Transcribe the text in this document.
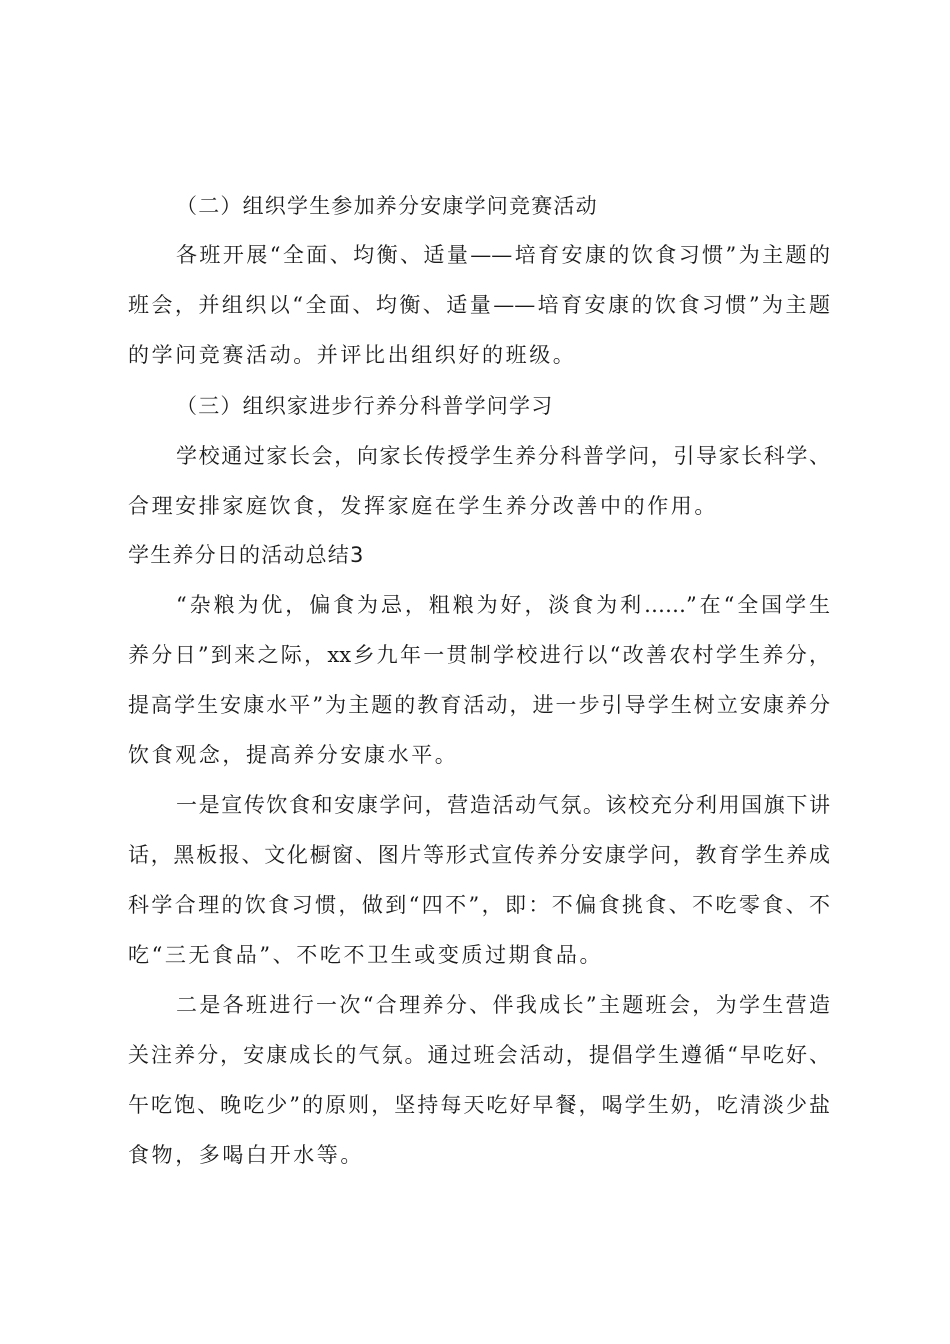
（二）组织学生参加养分安康学问竞赛活动

各班开展“全面、均衡、适量——培育安康的饮食习惯”为主题的

班会，并组织以“全面、均衡、适量——培育安康的饮食习惯”为主题

的学问竞赛活动。并评比出组织好的班级。

（三）组织家进步行养分科普学问学习

学校通过家长会，向家长传授学生养分科普学问，引导家长科学、

合理安排家庭饮食，发挥家庭在学生养分改善中的作用。

学生养分日的活动总结3

“杂粮为优，偏食为忌，粗粮为好，淡食为利……”在“全国学生

养分日”到来之际，xx乡九年一贯制学校进行以“改善农村学生养分，

提高学生安康水平”为主题的教育活动，进一步引导学生树立安康养分

饮食观念，提高养分安康水平。

一是宣传饮食和安康学问，营造活动气氛。该校充分利用国旗下讲

话，黑板报、文化橱窗、图片等形式宣传养分安康学问，教育学生养成

科学合理的饮食习惯，做到“四不”，即：不偏食挑食、不吃零食、不

吃“三无食品”、不吃不卫生或变质过期食品。

二是各班进行一次“合理养分、伴我成长”主题班会，为学生营造

关注养分，安康成长的气氛。通过班会活动，提倡学生遵循“早吃好、

午吃饱、晚吃少”的原则，坚持每天吃好早餐，喝学生奶，吃清淡少盐

食物，多喝白开水等。
